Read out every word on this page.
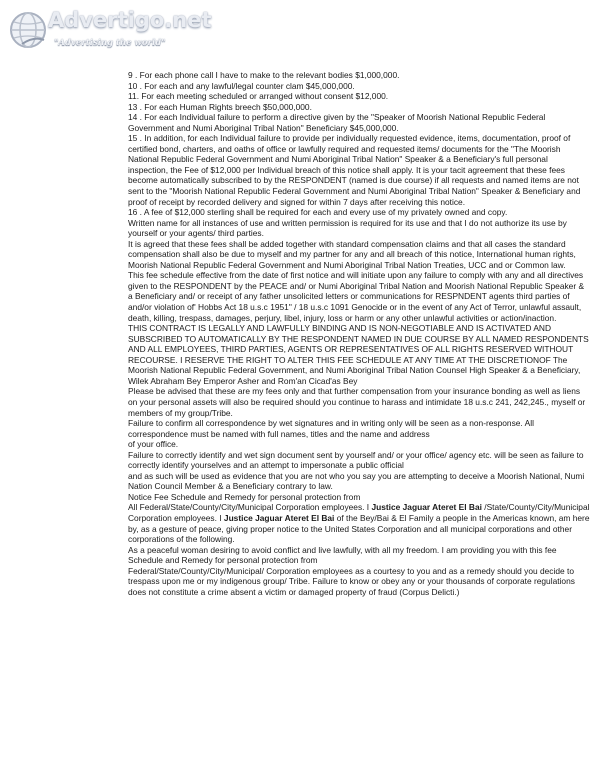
Advertigo.net
"Advertising the world"

9 . For each phone call I have to make to the relevant bodies $1,000,000.

10 . For each and any lawful/legal counter clam $45,000,000.

11. For each meeting scheduled or arranged without consent $12,000.

13 . For each Human Rights breech $50,000,000.

14 . For each Individual failure to perform a directive given by the "Speaker of Moorish National Republic Federal Government and Numi Aboriginal Tribal Nation" Beneficiary $45,000,000.

15 . In addition, for each Individual failure to provide per individually requested evidence, items, documentation, proof of certified bond, charters, and oaths of office or lawfully required and requested items/ documents for the "The Moorish National Republic Federal Government and Numi Aboriginal Tribal Nation" Speaker & a Beneficiary's full personal inspection, the Fee of $12,000 per Individual breach of this notice shall apply. It is your tacit agreement that these fees become automatically subscribed to by the RESPONDENT (named is due course) if all requests and named items are not sent to the "Moorish National Republic Federal Government and Numi Aboriginal Tribal Nation" Speaker & Beneficiary and proof of receipt by recorded delivery and signed for within 7 days after receiving this notice.

16 . A fee of $12,000 sterling shall be required for each and every use of my privately owned and copy.

Written name for all instances of use and written permission is required for its use and that I do not authorize its use by yourself or your agents/ third parties.

It is agreed that these fees shall be added together with standard compensation claims and that all cases the standard compensation shall also be due to myself and my partner for any and all breach of this notice, International human rights, Moorish National Republic Federal Government and Numi Aboriginal Tribal Nation Treaties, UCC and or Common law.

This fee schedule effective from the date of first notice and will initiate upon any failure to comply with any and all directives given to the RESPONDENT by the PEACE and/ or Numi Aboriginal Tribal Nation and Moorish National Republic Speaker & a Beneficiary and/ or receipt of any father unsolicited letters or communications for RESPNDENT agents third parties of and/or violation of' Hobbs Act 18 u.s.c 1951" / 18 u.s.c 1091 Genocide or in the event of any Act of Terror, unlawful assault, death, killing, trespass, damages, perjury, libel, injury, loss or harm or any other unlawful activities or action/inaction.

THIS CONTRACT IS LEGALLY AND LAWFULLY BINDING AND IS NON-NEGOTIABLE AND IS ACTIVATED AND SUBSCRIBED TO AUTOMATICALLY BY THE RESPONDENT NAMED IN DUE COURSE BY ALL NAMED RESPONDENTS AND ALL EMPLOYEES, THIRD PARTIES, AGENTS OR REPRESENTATIVES OF ALL RIGHTS RESERVED WITHOUT RECOURSE. I RESERVE THE RIGHT TO ALTER THIS FEE SCHEDULE AT ANY TIME AT THE DISCRETIONOF The Moorish National Republic Federal Government, and Numi Aboriginal Tribal Nation Counsel High Speaker & a Beneficiary, Wilek Abraham Bey Emperor Asher and Rom'an Cicad'as Bey

Please be advised that these are my fees only and that further compensation from your insurance bonding as well as liens on your personal assets will also be required should you continue to harass and intimidate 18 u.s.c 241, 242,245., myself or members of my group/Tribe.

Failure to confirm all correspondence by wet signatures and in writing only will be seen as a non-response. All correspondence must be named with full names, titles and the name and address

of your office.

Failure to correctly identify and wet sign document sent by yourself and/ or your office/ agency etc. will be seen as failure to correctly identify yourselves and an attempt to impersonate a public official

and as such will be used as evidence that you are not who you say you are attempting to deceive a Moorish National, Numi Nation Council Member & a Beneficiary contrary to law.

Notice Fee Schedule and Remedy for personal protection from

All Federal/State/County/City/Municipal Corporation employees. I Justice Jaguar Ateret El Bai /State/County/City/Municipal Corporation employees. I Justice Jaguar Ateret El Bai of the Bey/Bai & El Family a people in the Americas known, am here by, as a gesture of peace, giving proper notice to the United States Corporation and all municipal corporations and other corporations of the following.

As a peaceful woman desiring to avoid conflict and live lawfully, with all my freedom. I am providing you with this fee Schedule and Remedy for personal protection from

Federal/State/County/City/Municipal/ Corporation employees as a courtesy to you and as a remedy should you decide to trespass upon me or my indigenous group/ Tribe. Failure to know or obey any or your thousands of corporate regulations does not constitute a crime absent a victim or damaged property of fraud (Corpus Delicti.)
